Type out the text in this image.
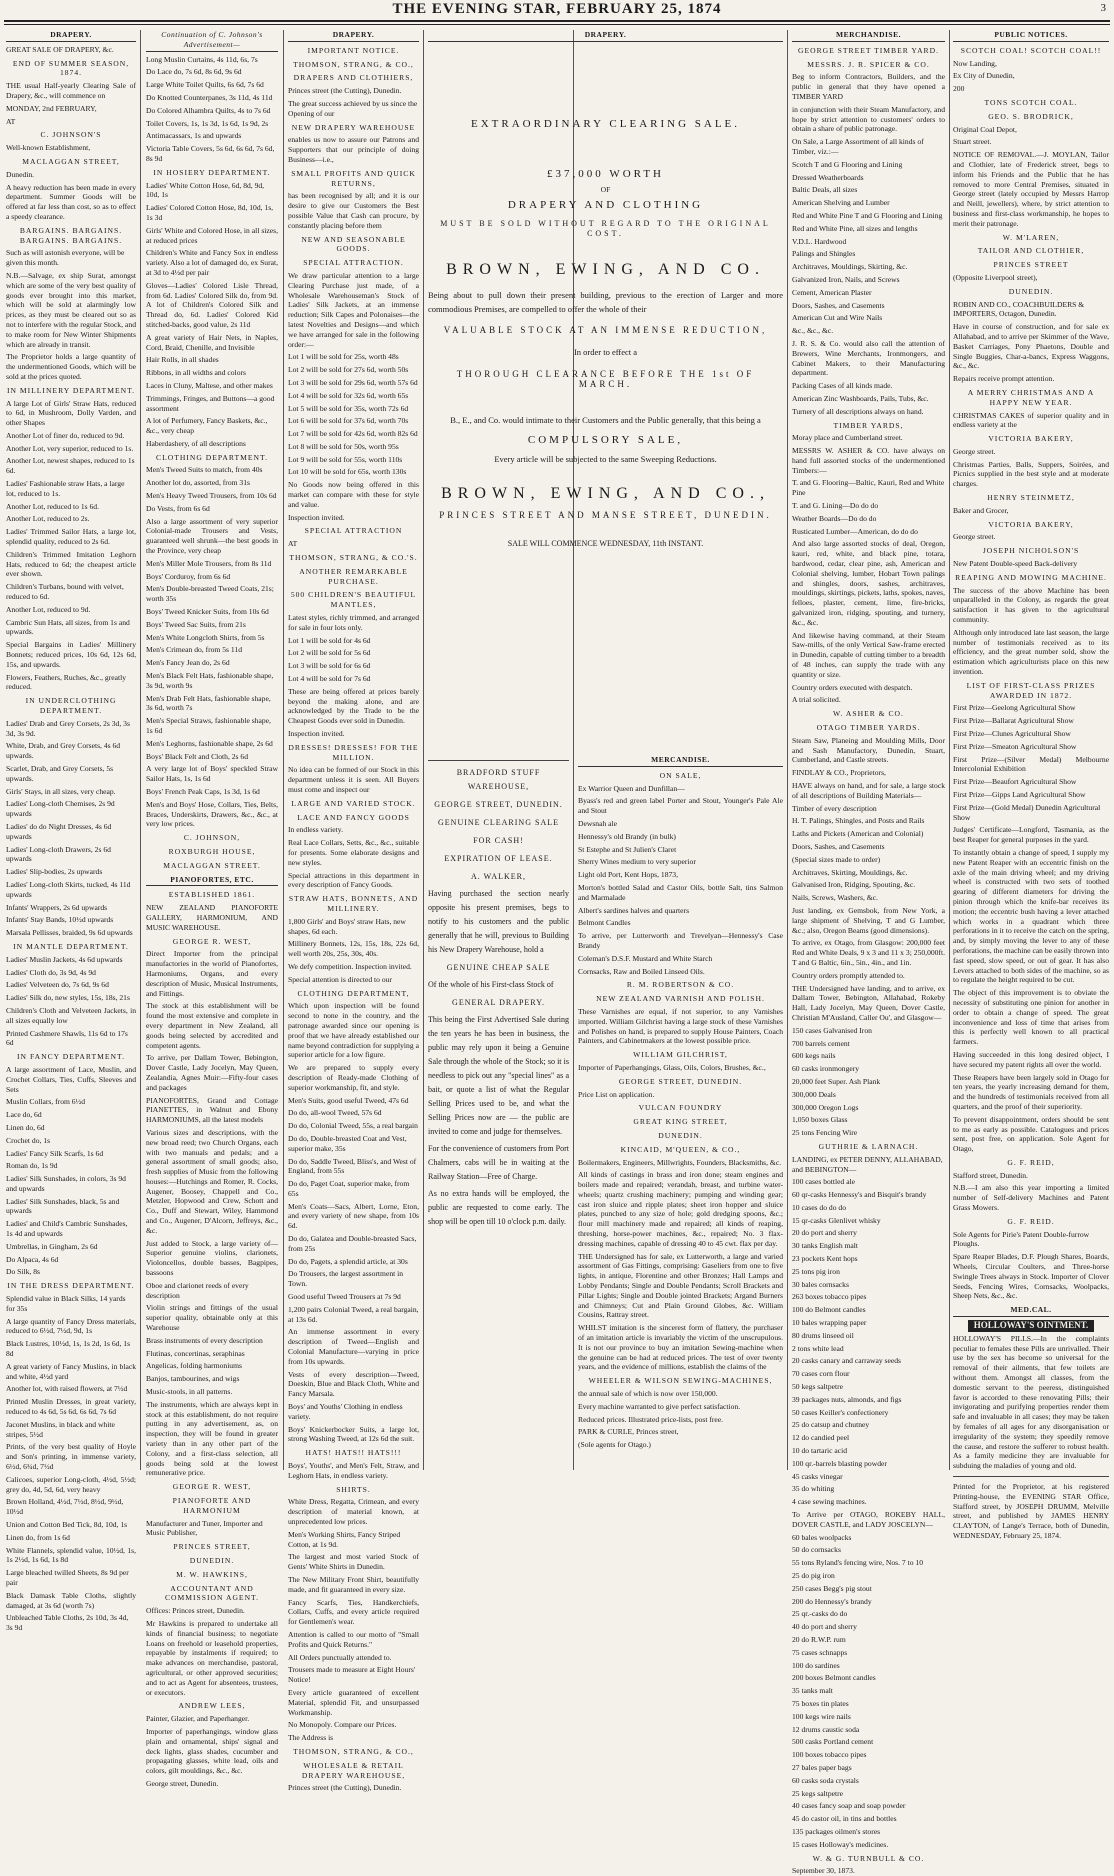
THE EVENING STAR, FEBRUARY 25, 1874	3
DRAPERY.

GREAT SALE OF DRAPERY, &c.

END OF SUMMER SEASON, 1874.

THE usual Half-yearly Clearing Sale of Drapery, &c., will commence on

MONDAY, 2nd FEBRUARY,

AT

C. JOHNSON'S

Well-known Establishment,

MACLAGGAN STREET,

Dunedin.

A heavy reduction has been made in every department. Summer Goods will be offered at far less than cost, so as to effect a speedy clearance.

BARGAINS. BARGAINS. BARGAINS. BARGAINS.

Such as will astonish everyone, will be given this month.

N.B.—Salvage, ex ship Surat, amongst which are some of the very best quality of goods ever brought into this market, which will be sold at alarmingly low prices, as they must be cleared out so as not to interfere with the regular Stock, and to make room for New Winter Shipments which are already in transit.

The Proprietor holds a large quantity of the undermentioned Goods, which will be sold at the prices quoted.

IN MILLINERY DEPARTMENT.

A large Lot of Girls' Straw Hats, reduced to 6d, in Mushroom, Dolly Varden, and other Shapes

Another Lot of finer do, reduced to 9d.

Another Lot, very superior, reduced to 1s.

Another Lot, newest shapes, reduced to 1s 6d.

Ladies' Fashionable straw Hats, a large lot, reduced to 1s.

Another Lot, reduced to 1s 6d.

Another Lot, reduced to 2s.

Ladies' Trimmed Sailor Hats, a large lot, splendid quality, reduced to 2s 6d.

Children's Trimmed Imitation Leghorn Hats, reduced to 6d; the cheapest article ever shown.

Children's Turbans, bound with velvet, reduced to 6d.

Another Lot, reduced to 9d.

Cambric Sun Hats, all sizes, from 1s and upwards.

Special Bargains in Ladies' Millinery Bonnets; reduced prices, 10s 6d, 12s 6d, 15s, and upwards.

Flowers, Feathers, Ruches, &c., greatly reduced.

IN UNDERCLOTHING DEPARTMENT.

Ladies' Drab and Grey Corsets, 2s 3d, 3s 3d, 3s 9d.

White, Drab, and Grey Corsets, 4s 6d upwards.

Scarlet, Drab, and Grey Corsets, 5s upwards.

Girls' Stays, in all sizes, very cheap.

Ladies' Long-cloth Chemises, 2s 9d upwards

Ladies' do do Night Dresses, 4s 6d upwards

Ladies' Long-cloth Drawers, 2s 6d upwards

Ladies' Slip-bodies, 2s upwards

Ladies' Long-cloth Skirts, tucked, 4s 11d upwards

Infants' Wrappers, 2s 6d upwards

Infants' Stay Bands, 10½d upwards

Marsala Pellisses, braided, 9s 6d upwards

IN MANTLE DEPARTMENT.

Ladies' Muslin Jackets, 4s 6d upwards

Ladies' Cloth do, 3s 9d, 4s 9d

Ladies' Velveteen do, 7s 6d, 9s 6d

Ladies' Silk do, new styles, 15s, 18s, 21s

Children's Cloth and Velveteen Jackets, in all sizes equally low

Printed Cashmere Shawls, 11s 6d to 17s 6d

IN FANCY DEPARTMENT.

A large assortment of Lace, Muslin, and Crochet Collars, Ties, Cuffs, Sleeves and Sets

Muslin Collars, from 6½d

Lace do, 6d

Linen do, 6d

Crochet do, 1s

Ladies' Fancy Silk Scarfs, 1s 6d

Roman do, 1s 9d

Ladies' Silk Sunshades, in colors, 3s 9d and upwards

Ladies' Silk Sunshades, black, 5s and upwards

Ladies' and Child's Cambric Sunshades, 1s 4d and upwards

Umbrellas, in Gingham, 2s 6d

Do Alpaca, 4s 6d

Do Silk, 8s

IN THE DRESS DEPARTMENT.

Splendid value in Black Silks, 14 yards for 35s

A large quantity of Fancy Dress materials, reduced to 6½d, 7½d, 9d, 1s

Black Lustres, 10½d, 1s, 1s 2d, 1s 6d, 1s 8d

A great variety of Fancy Muslins, in black and white, 4½d yard

Another lot, with raised flowers, at 7½d

Printed Muslin Dresses, in great variety, reduced to 4s 6d, 5s 6d, 6s 6d, 7s 6d

Jaconet Muslins, in black and white stripes, 5½d

Prints, of the very best quality of Hoyle and Son's printing, in immense variety, 6½d, 6¾d, 7½d

Calicoes, superior Long-cloth, 4½d, 5½d; grey do, 4d, 5d, 6d, very heavy

Brown Holland, 4½d, 7½d, 8½d, 9½d, 10½d

Union and Cotton Bed Tick, 8d, 10d, 1s

Linen do, from 1s 6d

White Flannels, splendid value, 10½d, 1s, 1s 2½d, 1s 6d, 1s 8d

Large bleached twilled Sheets, 8s 9d per pair

Black Damask Table Cloths, slightly damaged, at 3s 6d (worth 7s)

Unbleached Table Cloths, 2s 10d, 3s 4d, 3s 9d

Continuation of C. Johnson's Advertisement—

Long Muslin Curtains, 4s 11d, 6s, 7s

Do Lace do, 7s 6d, 8s 6d, 9s 6d

Large White Toilet Quilts, 6s 6d, 7s 6d

Do Knotted Counterpanes, 3s 11d, 4s 11d

Do Colored Alhambra Quilts, 4s to 7s 6d

Toilet Covers, 1s, 1s 3d, 1s 6d, 1s 9d, 2s

Antimacassars, 1s and upwards

Victoria Table Covers, 5s 6d, 6s 6d, 7s 6d, 8s 9d

IN HOSIERY DEPARTMENT.

Ladies' White Cotton Hose, 6d, 8d, 9d, 10d, 1s

Ladies' Colored Cotton Hose, 8d, 10d, 1s, 1s 3d

Girls' White and Colored Hose, in all sizes, at reduced prices

Children's White and Fancy Sox in endless variety. Also a lot of damaged do, ex Surat, at 3d to 4½d per pair

Gloves—Ladies' Colored Lisle Thread, from 6d. Ladies' Colored Silk do, from 9d. A lot of Children's Colored Silk and Thread do, 6d. Ladies' Colored Kid stitched-backs, good value, 2s 11d

A great variety of Hair Nets, in Naples, Cord, Braid, Chenille, and Invisible

Hair Rolls, in all shades

Ribbons, in all widths and colors

Laces in Cluny, Maltese, and other makes

Trimmings, Fringes, and Buttons—a good assortment

A lot of Perfumery, Fancy Baskets, &c., &c., very cheap

Haberdashery, of all descriptions

CLOTHING DEPARTMENT.

Men's Tweed Suits to match, from 40s

Another lot do, assorted, from 31s

Men's Heavy Tweed Trousers, from 10s 6d

Do Vests, from 6s 6d

Also a large assortment of very superior Colonial-made Trousers and Vests, guaranteed well shrunk—the best goods in the Province, very cheap

Men's Miller Mole Trousers, from 8s 11d

Boys' Corduroy, from 6s 6d

Men's Double-breasted Tweed Coats, 21s; worth 35s

Boys' Tweed Knicker Suits, from 10s 6d

Boys' Tweed Sac Suits, from 21s

Men's White Longcloth Shirts, from 5s

Men's Crimean do, from 5s 11d

Men's Fancy Jean do, 2s 6d

Men's Black Felt Hats, fashionable shape, 3s 9d, worth 9s

Men's Drab Felt Hats, fashionable shape, 3s 6d, worth 7s

Men's Special Straws, fashionable shape, 1s 6d

Men's Leghorns, fashionable shape, 2s 6d

Boys' Black Felt and Cloth, 2s 6d

A very large lot of Boys' speckled Straw Sailor Hats, 1s, 1s 6d

Boys' French Peak Caps, 1s 3d, 1s 6d

Men's and Boys' Hose, Collars, Ties, Belts, Braces, Underskirts, Drawers, &c., &c., at very low prices.

C. JOHNSON,

ROXBURGH HOUSE,

MACLAGGAN STREET.

PIANOFORTES, ETC.

ESTABLISHED 1861.

NEW ZEALAND PIANOFORTE GALLERY, HARMONIUM, AND MUSIC WAREHOUSE.

GEORGE R. WEST,

Direct Importer from the principal manufactories in the world of Pianofortes, Harmoniums, Organs, and every description of Music, Musical Instruments, and Fittings.

The stock at this establishment will be found the most extensive and complete in every department in New Zealand, all goods being selected by accredited and competent agents.

To arrive, per Dallam Tower, Bebington, Dover Castle, Lady Jocelyn, May Queen, Zealandia, Agnes Muir:—Fifty-four cases and packages

PIANOFORTES, Grand and Cottage PIANETTES, in Walnut and Ebony HARMONIUMS, all the latest models

Various sizes and descriptions, with the new broad reed; two Church Organs, each with two manuals and pedals; and a general assortment of small goods; also, fresh supplies of Music from the following houses:—Hutchings and Romer, R. Cocks, Augener, Boosey, Chappell and Co., Metzler, Hopwood and Crew, Schott and Co., Duff and Stewart, Wiley, Hammond and Co., Augener, D'Alcorn, Jeffreys, &c., &c.

Just added to Stock, a large variety of—Superior genuine violins, clarionets, Violoncellos, double basses, Bagpipes, bassoons

Oboe and clarionet reeds of every description

Violin strings and fittings of the usual superior quality, obtainable only at this Warehouse

Brass instruments of every description

Flutinas, concertinas, seraphinas

Angelicas, folding harmoniums

Banjos, tambourines, and wigs

Music-stools, in all patterns.

The instruments, which are always kept in stock at this establishment, do not require putting in any advertisement, as, on inspection, they will be found in greater variety than in any other part of the Colony, and a first-class selection, all goods being sold at the lowest remunerative price.

GEORGE R. WEST,

PIANOFORTE AND HARMONIUM

Manufacturer and Tuner, Importer and Music Publisher,

PRINCES STREET,

DUNEDIN.

M. W. HAWKINS,

ACCOUNTANT AND COMMISSION AGENT.

Offices: Princes street, Dunedin.

Mr Hawkins is prepared to undertake all kinds of financial business; to negotiate Loans on freehold or leasehold properties, repayable by instalments if required; to make advances on merchandise, pastoral, agricultural, or other approved securities; and to act as Agent for absentees, trustees, or executors.

ANDREW LEES,

Painter, Glazier, and Paperhanger.

Importer of paperhangings, window glass plain and ornamental, ships' signal and deck lights, glass shades, cucumber and propagating glasses, white lead, oils and colors, gilt mouldings, &c., &c.

George street, Dunedin.

DRAPERY.

IMPORTANT NOTICE.

THOMSON, STRANG, & CO.,

DRAPERS AND CLOTHIERS,

Princes street (the Cutting), Dunedin.

The great success achieved by us since the Opening of our

NEW DRAPERY WAREHOUSE

enables us now to assure our Patrons and Supporters that our principle of doing Business—i.e.,

SMALL PROFITS AND QUICK RETURNS,

has been recognised by all; and it is our desire to give our Customers the Best possible Value that Cash can procure, by constantly placing before them

NEW AND SEASONABLE GOODS.

SPECIAL ATTRACTION.

We draw particular attention to a large Clearing Purchase just made, of a Wholesale Warehouseman's Stock of Ladies' Silk Jackets, at an immense reduction; Silk Capes and Polonaises—the latest Novelties and Designs—and which we have arranged for sale in the following order:—

Lot 1 will be sold for 25s, worth 48s

Lot 2 will be sold for 27s 6d, worth 50s

Lot 3 will be sold for 29s 6d, worth 57s 6d

Lot 4 will be sold for 32s 6d, worth 65s

Lot 5 will be sold for 35s, worth 72s 6d

Lot 6 will be sold for 37s 6d, worth 70s

Lot 7 will be sold for 42s 6d, worth 82s 6d

Lot 8 will be sold for 50s, worth 95s

Lot 9 will be sold for 55s, worth 110s

Lot 10 will be sold for 65s, worth 130s

No Goods now being offered in this market can compare with these for style and value.

Inspection invited.

SPECIAL ATTRACTION

AT

THOMSON, STRANG, & CO.'S.

ANOTHER REMARKABLE PURCHASE.

500 CHILDREN'S BEAUTIFUL MANTLES,

Latest styles, richly trimmed, and arranged for sale in four lots only.

Lot 1 will be sold for 4s 6d

Lot 2 will be sold for 5s 6d

Lot 3 will be sold for 6s 6d

Lot 4 will be sold for 7s 6d

These are being offered at prices barely beyond the making alone, and are acknowledged by the Trade to be the Cheapest Goods ever sold in Dunedin.

Inspection invited.

DRESSES! DRESSES! FOR THE MILLION.

No idea can be formed of our Stock in this department unless it is seen. All Buyers must come and inspect our

LARGE AND VARIED STOCK.

LACE AND FANCY GOODS

In endless variety.

Real Lace Collars, Setts, &c., &c., suitable for presents. Some elaborate designs and new styles.

Special attractions in this department in every description of Fancy Goods.

STRAW HATS, BONNETS, AND MILLINERY.

1,800 Girls' and Boys' straw Hats, new shapes, 6d each.

Millinery Bonnets, 12s, 15s, 18s, 22s 6d, well worth 20s, 25s, 30s, 40s.

We defy competition. Inspection invited.

Special attention is directed to our

CLOTHING DEPARTMENT,

Which upon inspection will be found second to none in the country, and the patronage awarded since our opening is proof that we have already established our name beyond contradiction for supplying a superior article for a low figure.

We are prepared to supply every description of Ready-made Clothing of superior workmanship, fit, and style.

Men's Suits, good useful Tweed, 47s 6d

Do do, all-wool Tweed, 57s 6d

Do do, Colonial Tweed, 55s, a real bargain

Do do, Double-breasted Coat and Vest, superior make, 35s

Do do, Saddle Tweed, Bliss's, and West of England, from 55s

Do do, Paget Coat, superior make, from 65s

Men's Coats—Sacs, Albert, Lorne, Eton, and every variety of new shape, from 10s 6d.

Do do, Galatea and Double-breasted Sacs, from 25s

Do do, Pagets, a splendid article, at 30s

Do Trousers, the largest assortment in Town.

Good useful Tweed Trousers at 7s 9d

1,200 pairs Colonial Tweed, a real bargain, at 13s 6d.

An immense assortment in every description of Tweed—English and Colonial Manufacture—varying in price from 10s upwards.

Vests of every description—Tweed, Doeskin, Blue and Black Cloth, White and Fancy Marsala.

Boys' and Youths' Clothing in endless variety.

Boys' Knickerbocker Suits, a large lot, strong Washing Tweed, at 12s 6d the suit.

HATS! HATS!! HATS!!!

Boys', Youths', and Men's Felt, Straw, and Leghorn Hats, in endless variety.

SHIRTS.

White Dress, Regatta, Crimean, and every description of material known, at unprecedented low prices.

Men's Working Shirts, Fancy Striped Cotton, at 1s 9d.

The largest and most varied Stock of Gents' White Shirts in Dunedin.

The New Military Front Shirt, beautifully made, and fit guaranteed in every size.

Fancy Scarfs, Ties, Handkerchiefs, Collars, Cuffs, and every article required for Gentlemen's wear.

Attention is called to our motto of "Small Profits and Quick Returns."

All Orders punctually attended to.

Trousers made to measure at Eight Hours' Notice!

Every article guaranteed of excellent Material, splendid Fit, and unsurpassed Workmanship.

No Monopoly. Compare our Prices.

The Address is

THOMSON, STRANG, & CO.,

WHOLESALE & RETAIL DRAPERY WAREHOUSE,

Princes street (the Cutting), Dunedin.

DRAPERY.
EXTRAORDINARY CLEARING SALE.
£37,000 WORTH
OF
DRAPERY AND CLOTHING
MUST BE SOLD WITHOUT REGARD TO THE ORIGINAL COST.
BROWN, EWING, AND CO.

Being about to pull down their present building, previous to the erection of Larger and more commodious Premises, are compelled to offer the whole of their

VALUABLE STOCK AT AN IMMENSE REDUCTION,
In order to effect a
THOROUGH CLEARANCE BEFORE THE 1st OF MARCH.

B., E., and Co. would intimate to their Customers and the Public generally, that this being a

COMPULSORY SALE,
Every article will be subjected to the same Sweeping Reductions.
BROWN, EWING, AND CO.,
PRINCES STREET AND MANSE STREET, DUNEDIN.
SALE WILL COMMENCE WEDNESDAY, 11th INSTANT.

BRADFORD STUFF WAREHOUSE,

GEORGE STREET, DUNEDIN.

GENUINE CLEARING SALE

FOR CASH!

EXPIRATION OF LEASE.

A. WALKER,

Having purchased the section nearly opposite his present premises, begs to notify to his customers and the public generally that he will, previous to Building his New Drapery Warehouse, hold a

GENUINE CHEAP SALE

Of the whole of his First-class Stock of

GENERAL DRAPERY.

This being the First Advertised Sale during the ten years he has been in business, the public may rely upon it being a Genuine Sale through the whole of the Stock; so it is needless to pick out any "special lines" as a bait, or quote a list of what the Regular Selling Prices used to be, and what the Selling Prices now are — the public are invited to come and judge for themselves.

For the convenience of customers from Port Chalmers, cabs will be in waiting at the Railway Station—Free of Charge.

As no extra hands will be employed, the public are requested to come early. The shop will be open till 10 o'clock p.m. daily.

MERCANDISE.

ON SALE,

Ex Warrior Queen and Dunfillan—

Byass's red and green label Porter and Stout, Younger's Pale Ale and Stout

Dewsnah ale

Hennessy's old Brandy (in bulk)

St Estephe and St Julien's Claret

Sherry Wines medium to very superior

Light old Port, Kent Hops, 1873,

Morton's bottled Salad and Castor Oils, bottle Salt, tins Salmon and Marmalade

Albert's sardines halves and quarters

Belmont Candles

To arrive, per Lutterworth and Trevelyan—Hennessy's Case Brandy

Coleman's D.S.F. Mustard and White Starch

Cornsacks, Raw and Boiled Linseed Oils.

R. M. ROBERTSON & CO.

NEW ZEALAND VARNISH AND POLISH.

These Varnishes are equal, if not superior, to any Varnishes imported. William Gilchrist having a large stock of these Varnishes and Polishes on hand, is prepared to supply House Painters, Coach Painters, and Cabinetmakers at the lowest possible price.

WILLIAM GILCHRIST,

Importer of Paperhangings, Glass, Oils, Colors, Brushes, &c.,

GEORGE STREET, DUNEDIN.

Price List on application.

VULCAN FOUNDRY

GREAT KING STREET,

DUNEDIN.

KINCAID, M'QUEEN, & CO.,

Boilermakers, Engineers, Millwrights, Founders, Blacksmiths, &c.

All kinds of castings in brass and iron done; steam engines and boilers made and repaired; verandah, breast, and turbine water-wheels; quartz crushing machinery; pumping and winding gear; cast iron sluice and ripple plates; sheet iron hopper and sluice plates, punched to any size of hole; gold dredging spoons, &c.; flour mill machinery made and repaired; all kinds of reaping, threshing, horse-power machines, &c., repaired; No. 3 flax-dressing machines, capable of dressing 40 to 45 cwt. flax per day.

THE Undersigned has for sale, ex Lutterworth, a large and varied assortment of Gas Fittings, comprising: Gaseliers from one to five lights, in antique, Florentine and other Bronzes; Hall Lamps and Lobby Pendants; Single and Double Pendants; Scroll Brackets and Pillar Lights; Single and Double jointed Brackets; Argand Burners and Chimneys; Cut and Plain Ground Globes, &c. William Cousins, Rattray street.

WHILST imitation is the sincerest form of flattery, the purchaser of an imitation article is invariably the victim of the unscrupulous. It is not our province to buy an imitation Sewing-machine when the genuine can be had at reduced prices. The test of over twenty years, and the evidence of millions, establish the claims of the

WHEELER & WILSON SEWING-MACHINES,

the annual sale of which is now over 150,000.

Every machine warranted to give perfect satisfaction.

Reduced prices. Illustrated price-lists, post free.

PARK & CURLE, Princes street,

(Sole agents for Otago.)

MERCHANDISE.

GEORGE STREET TIMBER YARD.

MESSRS. J. R. SPICER & CO.

Beg to inform Contractors, Builders, and the public in general that they have opened a TIMBER YARD

in conjunction with their Steam Manufactory, and hope by strict attention to customers' orders to obtain a share of public patronage.

On Sale, a Large Assortment of all kinds of Timber, viz.:—

Scotch T and G Flooring and Lining

Dressed Weatherboards

Baltic Deals, all sizes

American Shelving and Lumber

Red and White Pine T and G Flooring and Lining

Red and White Pine, all sizes and lengths

V.D.L. Hardwood

Palings and Shingles

Architraves, Mouldings, Skirting, &c.

Galvanized Iron, Nails, and Screws

Cement, American Plaster

Doors, Sashes, and Casements

American Cut and Wire Nails

&c., &c., &c.

J. R. S. & Co. would also call the attention of Brewers, Wine Merchants, Ironmongers, and Cabinet Makers, to their Manufacturing department.

Packing Cases of all kinds made.

American Zinc Washboards, Pails, Tubs, &c.

Turnery of all descriptions always on hand.

TIMBER YARDS,

Moray place and Cumberland street.

MESSRS W. ASHER & CO. have always on hand full assorted stocks of the undermentioned Timbers:—

T. and G. Flooring—Baltic, Kauri, Red and White Pine

T. and G. Lining—Do do do

Weather Boards—Do do do

Rusticated Lumber—American, do do do

And also large assorted stocks of deal, Oregon, kauri, red, white, and black pine, totara, hardwood, cedar, clear pine, ash, American and Colonial shelving, lumber, Hobart Town palings and shingles, doors, sashes, architraves, mouldings, skirtings, pickets, laths, spokes, naves, felloes, plaster, cement, lime, fire-bricks, galvanized iron, ridging, spouting, and turnery, &c., &c.

And likewise having command, at their Steam Saw-mills, of the only Vertical Saw-frame erected in Dunedin, capable of cutting timber to a breadth of 48 inches, can supply the trade with any quantity or size.

Country orders executed with despatch.

A trial solicited.

W. ASHER & CO.

OTAGO TIMBER YARDS.

Steam Saw, Planeing and Moulding Mills, Door and Sash Manufactory, Dunedin, Stuart, Cumberland, and Castle streets.

FINDLAY & CO., Proprietors,

HAVE always on hand, and for sale, a large stock of all descriptions of Building Materials—

Timber of every description

H. T. Palings, Shingles, and Posts and Rails

Laths and Pickets (American and Colonial)

Doors, Sashes, and Casements

(Special sizes made to order)

Architraves, Skirting, Mouldings, &c.

Galvanised Iron, Ridging, Spouting, &c.

Nails, Screws, Washers, &c.

Just landing, ex Gemsbok, from New York, a large shipment of Shelving, T and G Lumber, &c.; also, Oregon Beams (good dimensions).

To arrive, ex Otago, from Glasgow: 200,000 feet Red and White Deals, 9 x 3 and 11 x 3; 250,000ft. T and G Baltic, 6in., 5in., 4in., and 1in.

Country orders promptly attended to.

THE Undersigned have landing, and to arrive, ex Dallam Tower, Bebington, Allahabad, Rokeby Hall, Lady Jocelyn, May Queen, Dover Castle, Christian M'Ausland, Caller Ou', and Glasgow—

150 cases Galvanised Iron

700 barrels cement

600 kegs nails

60 casks ironmongery

20,000 feet Super. Ash Plank

300,000 Deals

300,000 Oregon Logs

1,050 boxes Glass

25 tons Fencing Wire

GUTHRIE & LARNACH.

LANDING, ex PETER DENNY, ALLAHABAD, and BEBINGTON—

100 cases bottled ale

60 qr-casks Hennessy's and Bisquit's brandy

10 cases do do do

15 qr-casks Glenlivet whisky

20 do port and sherry

30 tanks English malt

23 pockets Kent hops

25 tons pig iron

30 bales cornsacks

263 boxes tobacco pipes

100 do Belmont candles

10 bales wrapping paper

80 drums linseed oil

2 tons white lead

20 casks canary and carraway seeds

70 cases corn flour

50 kegs saltpetre

39 packages nuts, almonds, and figs

50 cases Keiller's confectionery

25 do catsup and chutney

12 do candied peel

10 do tartaric acid

100 qr.-barrels blasting powder

45 casks vinegar

35 do whiting

4 case sewing machines.

To Arrive per OTAGO, ROKEBY HALL, DOVER CASTLE, and LADY JOSCELYN—

60 bales woolpacks

50 do cornsacks

55 tons Ryland's fencing wire, Nos. 7 to 10

25 do pig iron

250 cases Begg's pig stout

200 do Hennessy's brandy

25 qr.-casks do do

40 do port and sherry

20 do R.W.P. rum

75 cases schnapps

100 do sardines

200 boxes Belmont candles

35 tanks malt

75 boxes tin plates

100 kegs wire nails

12 drums caustic soda

500 casks Portland cement

100 boxes tobacco pipes

27 bales paper bags

60 casks soda crystals

25 kegs saltpetre

40 cases fancy soap and soap powder

45 do castor oil, in tins and bottles

135 packages oilmen's stores

15 cases Holloway's medicines.

W. & G. TURNBULL & CO.

September 30, 1873.

PUBLIC NOTICES.

SCOTCH COAL! SCOTCH COAL!!

Now Landing,

Ex City of Dunedin,

200

TONS SCOTCH COAL.

GEO. S. BRODRICK,

Original Coal Depot,

Stuart street.

NOTICE OF REMOVAL.—J. MOYLAN, Tailor and Clothier, late of Frederick street, begs to inform his Friends and the Public that he has removed to more Central Premises, situated in George street (lately occupied by Messrs Harrop and Neill, jewellers), where, by strict attention to business and first-class workmanship, he hopes to merit their patronage.

W. M'LAREN,

TAILOR AND CLOTHIER,

PRINCES STREET

(Opposite Liverpool street),

DUNEDIN.

ROBIN AND CO., COACHBUILDERS & IMPORTERS, Octagon, Dunedin.

Have in course of construction, and for sale ex Allahabad, and to arrive per Skimmer of the Wave, Basket Carriages, Pony Phaetons, Double and Single Buggies, Char-a-bancs, Express Waggons, &c., &c.

Repairs receive prompt attention.

A MERRY CHRISTMAS AND A HAPPY NEW YEAR.

CHRISTMAS CAKES of superior quality and in endless variety at the

VICTORIA BAKERY,

George street.

Christmas Parties, Balls, Suppers, Soirées, and Picnics supplied in the best style and at moderate charges.

HENRY STEINMETZ,

Baker and Grocer,

VICTORIA BAKERY,

George street.

JOSEPH NICHOLSON'S

New Patent Double-speed Back-delivery

REAPING AND MOWING MACHINE.

The success of the above Machine has been unparalleled in the Colony, as regards the great satisfaction it has given to the agricultural community.

Although only introduced late last season, the large number of testimonials received as to its efficiency, and the great number sold, show the estimation which agriculturists place on this new invention.

LIST OF FIRST-CLASS PRIZES AWARDED IN 1872.

First Prize—Geelong Agricultural Show

First Prize—Ballarat Agricultural Show

First Prize—Clunes Agricultural Show

First Prize—Smeaton Agricultural Show

First Prize—(Silver Medal) Melbourne Intercolonial Exhibition

First Prize—Beaufort Agricultural Show

First Prize—Gipps Land Agricultural Show

First Prize—(Gold Medal) Dunedin Agricultural Show

Judges' Certificate—Longford, Tasmania, as the best Reaper for general purposes in the yard.

To instantly obtain a change of speed, I supply my new Patent Reaper with an eccentric finish on the axle of the main driving wheel; and my driving wheel is constructed with two sets of toothed gearing of different diameters for driving the pinion through which the knife-bar receives its motion; the eccentric bush having a lever attached which works in a quadrant which three perforations in it to receive the catch on the spring, and, by simply moving the lever to any of these perforations, the machine can be easily thrown into fast speed, slow speed, or out of gear. It has also Levers attached to both sides of the machine, so as to regulate the height required to be cut.

The object of this improvement is to obviate the necessity of substituting one pinion for another in order to obtain a change of speed. The great inconvenience and loss of time that arises from this is perfectly well known to all practical farmers.

Having succeeded in this long desired object, I have secured my patent rights all over the world.

These Reapers have been largely sold in Otago for ten years, the yearly increasing demand for them, and the hundreds of testimonials received from all quarters, and the proof of their superiority.

To prevent disappointment, orders should be sent to me as early as possible. Catalogues and prices sent, post free, on application. Sole Agent for Otago,

G. F. REID,

Stafford street, Dunedin.

N.B.—I am also this year importing a limited number of Self-delivery Machines and Patent Grass Mowers.

G. F. REID.

Sole Agents for Pirie's Patent Double-furrow Ploughs.

Spare Reaper Blades, D.F. Plough Shares, Boards, Wheels, Circular Coulters, and Three-horse Swingle Trees always in Stock. Importer of Clover Seeds, Fencing Wires, Cornsacks, Woolpacks, Sheep Nets, &c., &c.

MED.CAL.
HOLLOWAY'S OINTMENT.

HOLLOWAY'S PILLS.—In the complaints peculiar to females these Pills are unrivalled. Their use by the sex has become so universal for the removal of their ailments, that few toilets are without them. Amongst all classes, from the domestic servant to the peeress, distinguished favor is accorded to these renovating Pills; their invigorating and purifying properties render them safe and invaluable in all cases; they may be taken by females of all ages for any disorganisation or irregularity of the system; they speedily remove the cause, and restore the sufferer to robust health. As a family medicine they are invaluable for subduing the maladies of young and old.

Printed for the Proprietor, at his registered Printing-house, the EVENING STAR Office, Stafford street, by JOSEPH DRUMM, Melville street, and published by JAMES HENRY CLAYTON, of Lange's Terrace, both of Dunedin, WEDNESDAY, February 25, 1874.
